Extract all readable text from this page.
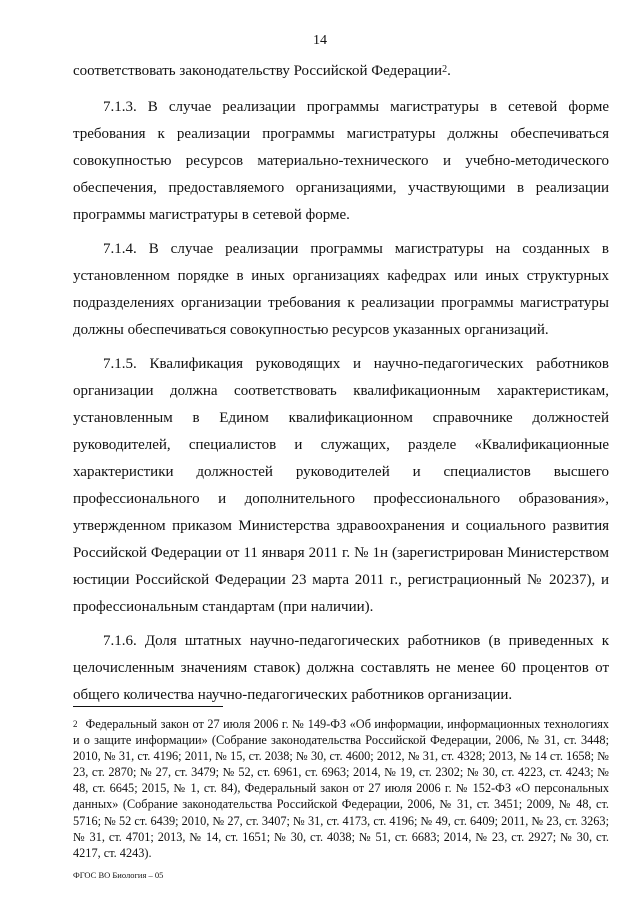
14

соответствовать законодательству Российской Федерации$^2$.

7.1.3. В случае реализации программы магистратуры в сетевой форме требования к реализации программы магистратуры должны обеспечиваться совокупностью ресурсов материально-технического и учебно-методического обеспечения, предоставляемого организациями, участвующими в реализации программы магистратуры в сетевой форме.

7.1.4. В случае реализации программы магистратуры на созданных в установленном порядке в иных организациях кафедрах или иных структурных подразделениях организации требования к реализации программы магистратуры должны обеспечиваться совокупностью ресурсов указанных организаций.

7.1.5. Квалификация руководящих и научно-педагогических работников организации должна соответствовать квалификационным характеристикам, установленным в Едином квалификационном справочнике должностей руководителей, специалистов и служащих, разделе «Квалификационные характеристики должностей руководителей и специалистов высшего профессионального и дополнительного профессионального образования», утвержденном приказом Министерства здравоохранения и социального развития Российской Федерации от 11 января 2011 г. № 1н (зарегистрирован Министерством юстиции Российской Федерации 23 марта 2011 г., регистрационный № 20237), и профессиональным стандартам (при наличии).

7.1.6. Доля штатных научно-педагогических работников (в приведенных к целочисленным значениям ставок) должна составлять не менее 60 процентов от общего количества научно-педагогических работников организации.

$^2$ Федеральный закон от 27 июля 2006 г. № 149-ФЗ «Об информации, информационных технологиях и о защите информации» (Собрание законодательства Российской Федерации, 2006, № 31, ст. 3448; 2010, № 31, ст. 4196; 2011, № 15, ст. 2038; № 30, ст. 4600; 2012, № 31, ст. 4328; 2013, № 14 ст. 1658; № 23, ст. 2870; № 27, ст. 3479; № 52, ст. 6961, ст. 6963; 2014, № 19, ст. 2302; № 30, ст. 4223, ст. 4243; № 48, ст. 6645; 2015, № 1, ст. 84), Федеральный закон от 27 июля 2006 г. № 152-ФЗ «О персональных данных» (Собрание законодательства Российской Федерации, 2006, № 31, ст. 3451; 2009, № 48, ст. 5716; № 52 ст. 6439; 2010, № 27, ст. 3407; № 31, ст. 4173, ст. 4196; № 49, ст. 6409; 2011, № 23, ст. 3263; № 31, ст. 4701; 2013, № 14, ст. 1651; № 30, ст. 4038; № 51, ст. 6683; 2014, № 23, ст. 2927; № 30, ст. 4217, ст. 4243).

ФГОС ВО Биология – 05
